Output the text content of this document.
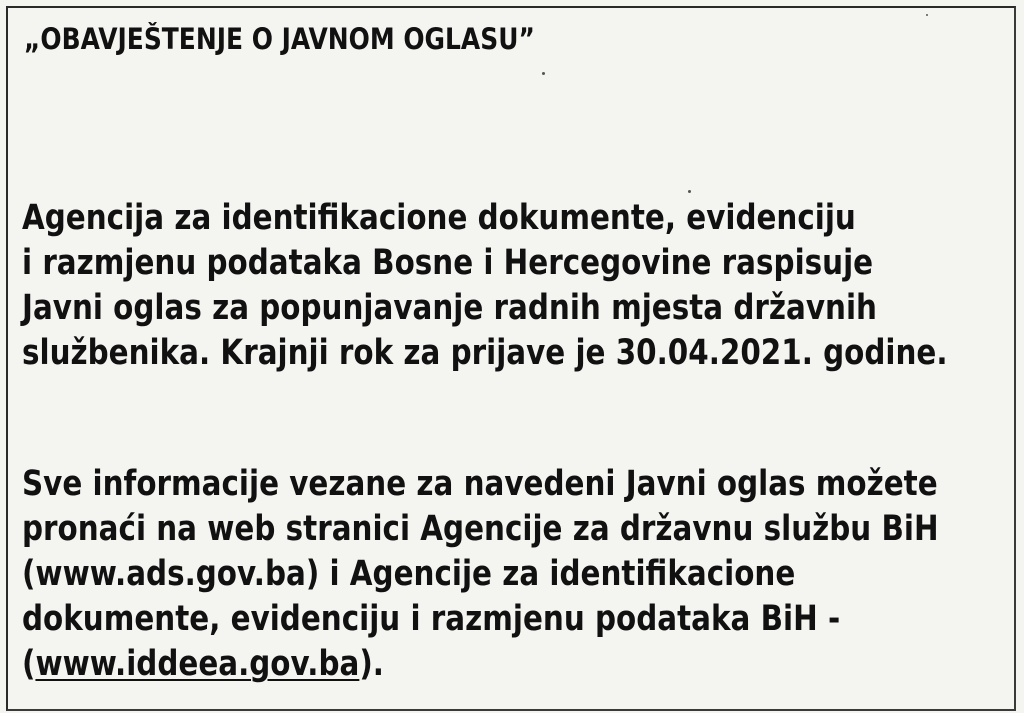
„OBAVJEŠTENJE O JAVNOM OGLASU”

Agencija za identifikacione dokumente, evidenciju
i razmjenu podataka Bosne i Hercegovine raspisuje
Javni oglas za popunjavanje radnih mjesta državnih
službenika. Krajnji rok za prijave je 30.04.2021. godine.

Sve informacije vezane za navedeni Javni oglas možete
pronaći na web stranici Agencije za državnu službu BiH
(www.ads.gov.ba) i Agencije za identifikacione
dokumente, evidenciju i razmjenu podataka BiH -
(www.iddeea.gov.ba).
